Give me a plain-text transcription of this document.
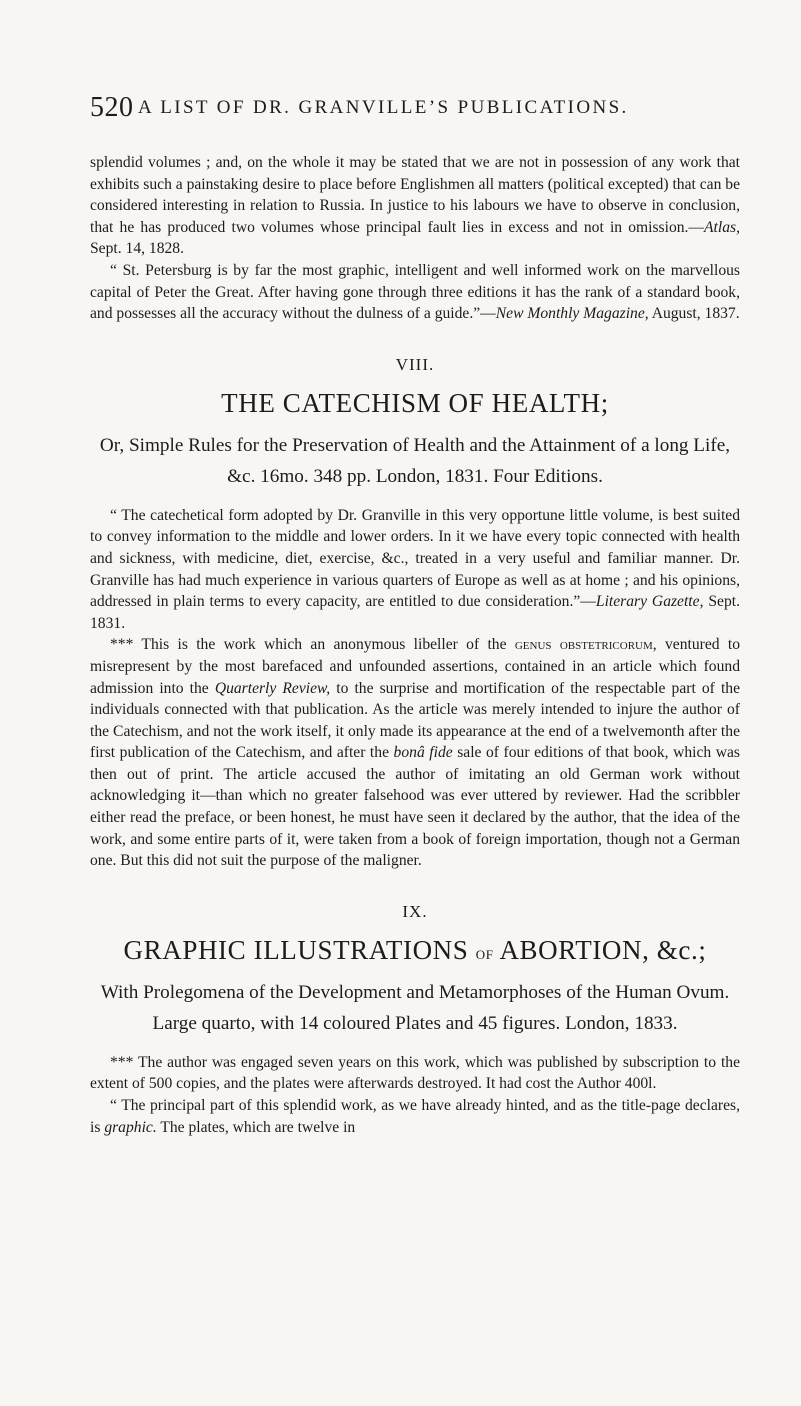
520 A LIST OF DR. GRANVILLE’S PUBLICATIONS.

splendid volumes ; and, on the whole it may be stated that we are not in possession of any work that exhibits such a painstaking desire to place before Englishmen all matters (political excepted) that can be considered interesting in relation to Russia. In justice to his labours we have to observe in conclusion, that he has produced two volumes whose principal fault lies in excess and not in omission.—Atlas, Sept. 14, 1828.

“ St. Petersburg is by far the most graphic, intelligent and well informed work on the marvellous capital of Peter the Great. After having gone through three editions it has the rank of a standard book, and possesses all the accuracy without the dulness of a guide.”—New Monthly Magazine, August, 1837.

VIII.
THE CATECHISM OF HEALTH;
Or, Simple Rules for the Preservation of Health and the Attainment of a long Life, &c. 16mo. 348 pp. London, 1831. Four Editions.

“ The catechetical form adopted by Dr. Granville in this very opportune little volume, is best suited to convey information to the middle and lower orders. In it we have every topic connected with health and sickness, with medicine, diet, exercise, &c., treated in a very useful and familiar manner. Dr. Granville has had much experience in various quarters of Europe as well as at home ; and his opinions, addressed in plain terms to every capacity, are entitled to due consideration.”—Literary Gazette, Sept. 1831.

*** This is the work which an anonymous libeller of the genus obstetricorum, ventured to misrepresent by the most barefaced and unfounded assertions, contained in an article which found admission into the Quarterly Review, to the surprise and mortification of the respectable part of the individuals connected with that publication. As the article was merely intended to injure the author of the Catechism, and not the work itself, it only made its appearance at the end of a twelvemonth after the first publication of the Catechism, and after the bonâ fide sale of four editions of that book, which was then out of print. The article accused the author of imitating an old German work without acknowledging it—than which no greater falsehood was ever uttered by reviewer. Had the scribbler either read the preface, or been honest, he must have seen it declared by the author, that the idea of the work, and some entire parts of it, were taken from a book of foreign importation, though not a German one. But this did not suit the purpose of the maligner.

IX.
GRAPHIC ILLUSTRATIONS of ABORTION, &c.;
With Prolegomena of the Development and Metamorphoses of the Human Ovum. Large quarto, with 14 coloured Plates and 45 figures. London, 1833.

*** The author was engaged seven years on this work, which was published by subscription to the extent of 500 copies, and the plates were afterwards destroyed. It had cost the Author 400l.

“ The principal part of this splendid work, as we have already hinted, and as the title-page declares, is graphic. The plates, which are twelve in
